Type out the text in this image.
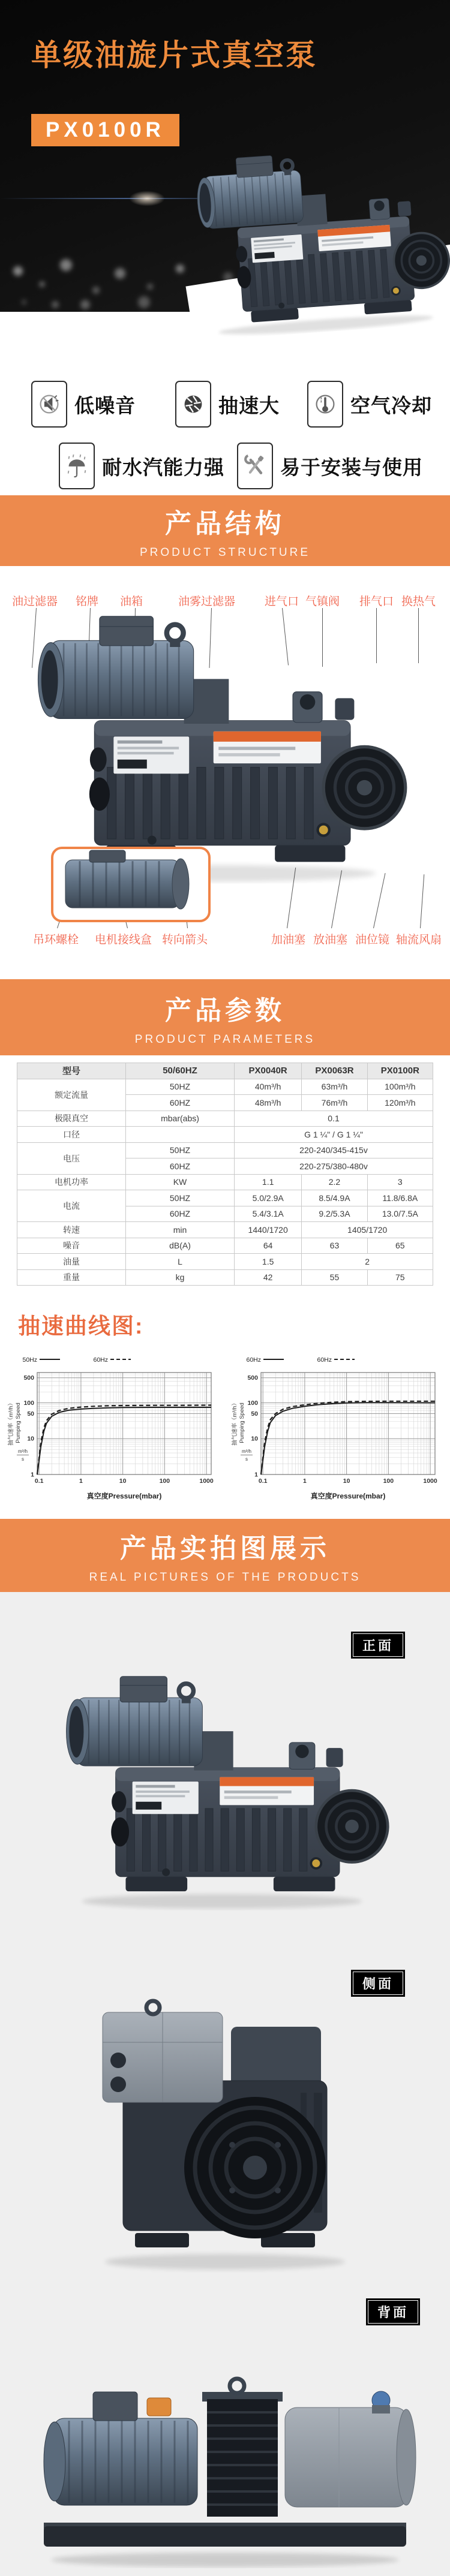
单级油旋片式真空泵
PX0100R
低噪音	抽速大	空气冷却
耐水汽能力强	易于安装与使用
产品结构
PRODUCT STRUCTURE
油过滤器 铭牌 油箱	油雾过滤器	进气口 气镇阀 排气口 换热气
吊环螺栓 电机接线盒 转向箭头	加油塞 放油塞 油位镜 轴流风扇
产品参数
PRODUCT PARAMETERS
型号	50/60HZ	PX0040R	PX0063R	PX0100R
额定流量	50HZ	40m³/h	63m³/h	100m³/h
	60HZ	48m³/h	76m³/h	120m³/h
极限真空	mbar(abs)	0.1		
口径		G 1 ¼" / G 1 ¼"		
电压	50HZ	220-240/345-415v		
	60HZ	220-275/380-480v		
电机功率	KW	1.1	2.2	3
电流	50HZ	5.0/2.9A	8.5/4.9A	11.8/6.8A
	60HZ	5.4/3.1A	9.2/5.3A	13.0/7.5A
转速	min	1440/1720	1405/1720	
噪音	dB(A)	64	63	65
油量	L	1.5	2	
重量	kg	42	55	75
抽速曲线图:
0.1	1	10	100	1000
1
10
50
100
500
50Hz	60Hz
抽气速率（m³/h） Pumping Speed
m³/h
s
真空度Pressure(mbar)
0.1	1	10	100	1000
1
10
50
100
500
60Hz	60Hz
抽气速率（m³/h） Pumping Speed
m³/h
s
真空度Pressure(mbar)
产品实拍图展示
REAL PICTURES OF THE PRODUCTS
正面
侧面
背面
